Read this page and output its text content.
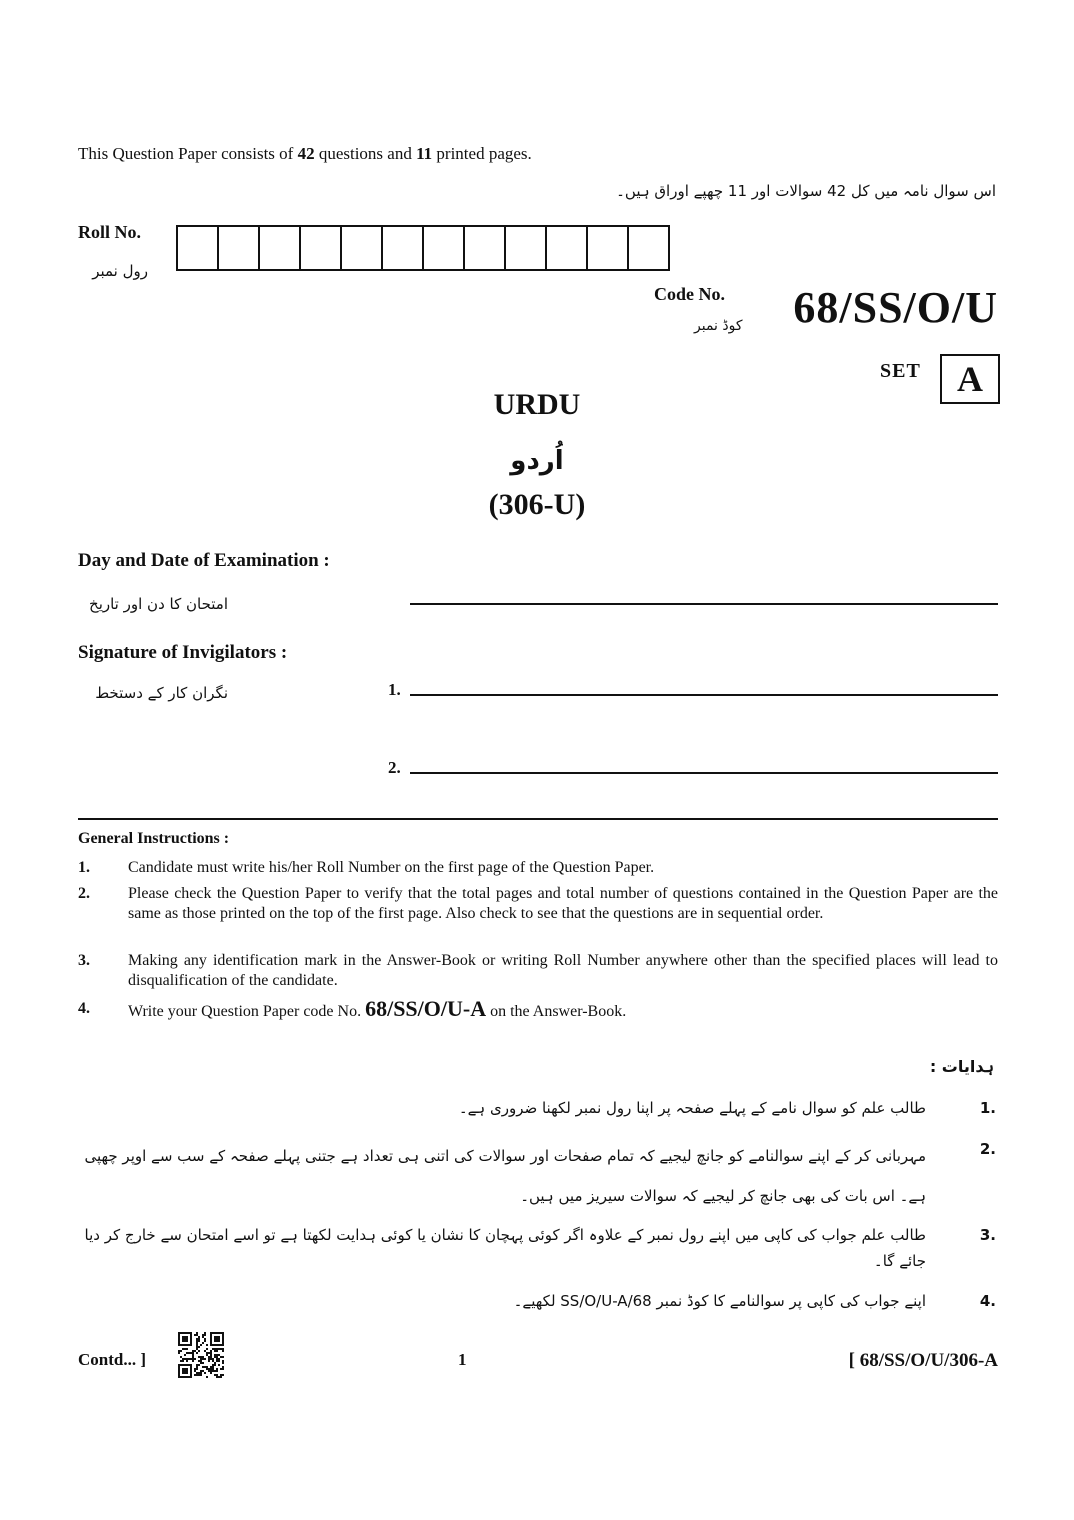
This Question Paper consists of 42 questions and 11 printed pages.
اس سوال نامہ میں کل 42 سوالات اور 11 چھپے اوراق ہیں۔
Roll No.
رول نمبر
Code No.
کوڈ نمبر 68/SS/O/U
SET	A
URDU
اُردو
(306-U)
Day and Date of Examination :
امتحان کا دن اور تاریخ
Signature of Invigilators :
نگران کار کے دستخط	1.
2.
General Instructions :
1. Candidate must write his/her Roll Number on the first page of the Question Paper.
2. Please check the Question Paper to verify that the total pages and total number of questions contained in the Question Paper are the same as those printed on the top of the first page. Also check to see that the questions are in sequential order.
3. Making any identification mark in the Answer-Book or writing Roll Number anywhere other than the specified places will lead to disqualification of the candidate.
4. Write your Question Paper code No. 68/SS/O/U-A on the Answer-Book.
ہدایات :
.1
طالب علم کو سوال نامے کے پہلے صفحہ پر اپنا رول نمبر لکھنا ضروری ہے۔
.2
مہربانی کر کے اپنے سوالنامے کو جانچ لیجیے کہ تمام صفحات اور سوالات کی اتنی ہی تعداد ہے جتنی پہلے صفحہ کے سب سے اوپر چھپی ہے۔ اس بات کی بھی جانچ کر لیجیے کہ سوالات سیریز میں ہیں۔
.3
طالب علم جواب کی کاپی میں اپنے رول نمبر کے علاوہ اگر کوئی پہچان کا نشان یا کوئی ہدایت لکھتا ہے تو اسے امتحان سے خارج کر دیا جائے گا۔
.4
اپنے جواب کی کاپی پر سوالنامے کا کوڈ نمبر 68/SS/O/U-A لکھیے۔
Contd... ]	1	[ 68/SS/O/U/306-A
